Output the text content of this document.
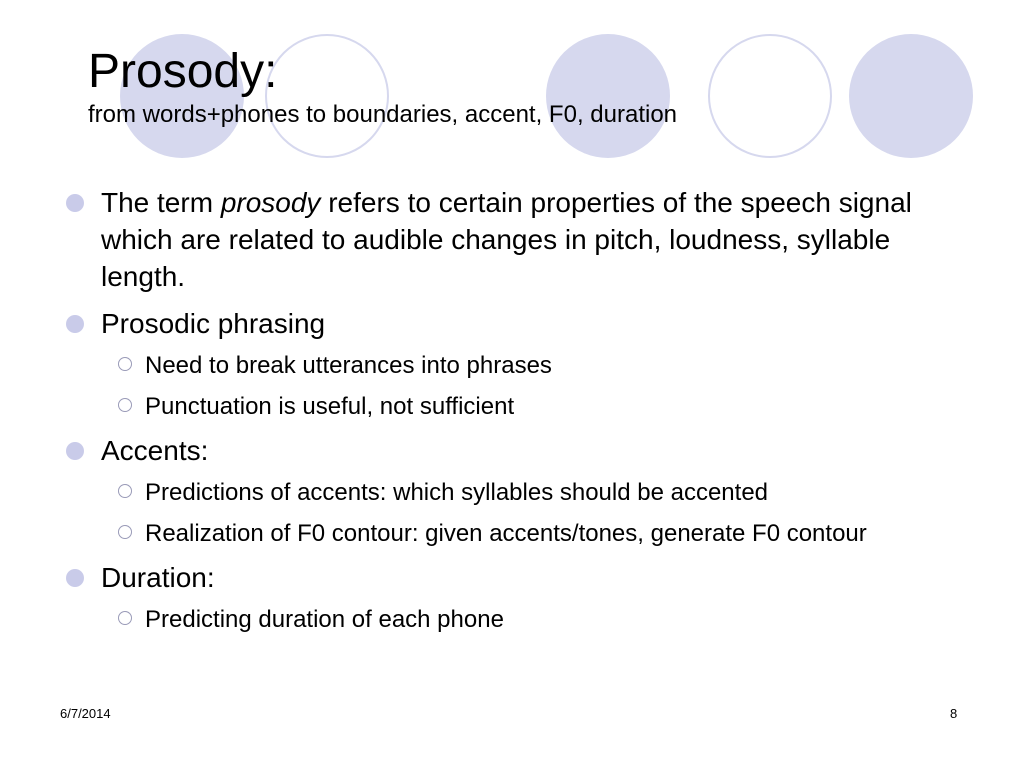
Prosody:

from words+phones to boundaries, accent, F0, duration

The term prosody refers to certain properties of the speech signal which are related to audible changes in pitch, loudness, syllable length.
Prosodic phrasing
Need to break utterances into phrases
Punctuation is useful, not sufficient
Accents:
Predictions of accents: which syllables should be accented
Realization of F0 contour: given accents/tones, generate F0 contour
Duration:
Predicting duration of each phone
6/7/2014	8
